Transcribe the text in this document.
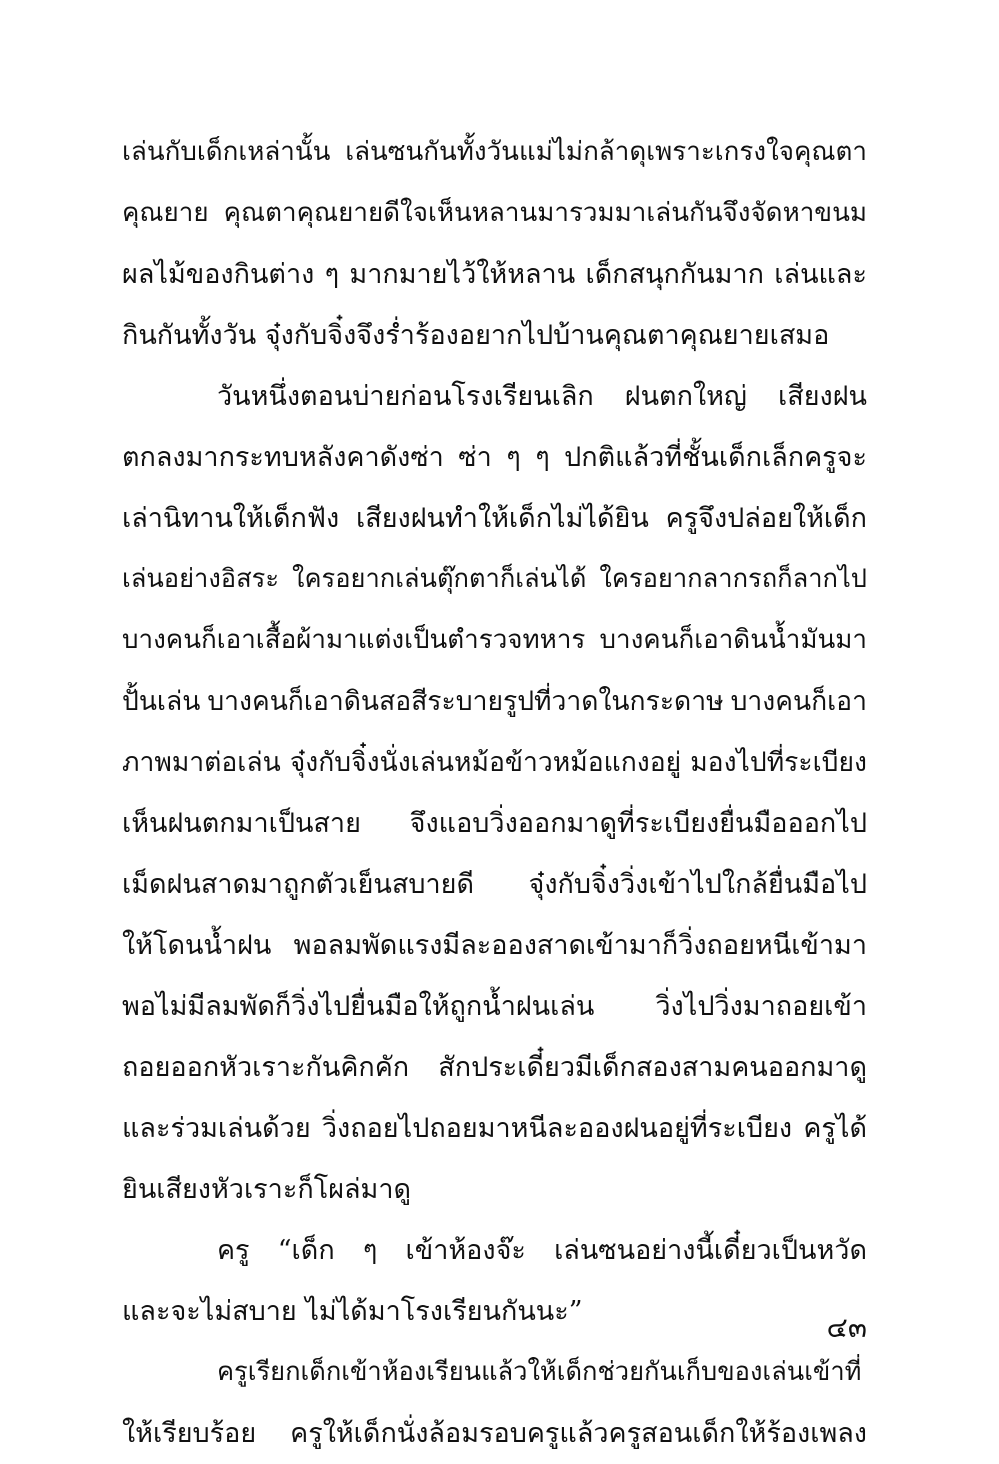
เล่นกับเด็กเหล่านั้น เล่นซนกันทั้งวันแม่ไม่กล้าดุเพราะเกรงใจคุณตา
คุณยาย คุณตาคุณยายดีใจเห็นหลานมารวมมาเล่นกันจึงจัดหาขนม
ผลไม้ของกินต่าง ๆ มากมายไว้ให้หลาน เด็กสนุกกันมาก เล่นและ
กินกันทั้งวัน จุ๋งกับจิ๋งจึงร่ำร้องอยากไปบ้านคุณตาคุณยายเสมอ
วันหนึ่งตอนบ่ายก่อนโรงเรียนเลิก ฝนตกใหญ่ เสียงฝน
ตกลงมากระทบหลังคาดังซ่า ซ่า ๆ ๆ ปกติแล้วที่ชั้นเด็กเล็กครูจะ
เล่านิทานให้เด็กฟัง เสียงฝนทำให้เด็กไม่ได้ยิน ครูจึงปล่อยให้เด็ก
เล่นอย่างอิสระ ใครอยากเล่นตุ๊กตาก็เล่นได้ ใครอยากลากรถก็ลากไป
บางคนก็เอาเสื้อผ้ามาแต่งเป็นตำรวจทหาร บางคนก็เอาดินน้ำมันมา
ปั้นเล่น บางคนก็เอาดินสอสีระบายรูปที่วาดในกระดาษ บางคนก็เอา
ภาพมาต่อเล่น จุ๋งกับจิ๋งนั่งเล่นหม้อข้าวหม้อแกงอยู่ มองไปที่ระเบียง
เห็นฝนตกมาเป็นสาย จึงแอบวิ่งออกมาดูที่ระเบียงยื่นมือออกไป
เม็ดฝนสาดมาถูกตัวเย็นสบายดี จุ๋งกับจิ๋งวิ่งเข้าไปใกล้ยื่นมือไป
ให้โดนน้ำฝน พอลมพัดแรงมีละอองสาดเข้ามาก็วิ่งถอยหนีเข้ามา
พอไม่มีลมพัดก็วิ่งไปยื่นมือให้ถูกน้ำฝนเล่น วิ่งไปวิ่งมาถอยเข้า
ถอยออกหัวเราะกันคิกคัก สักประเดี๋ยวมีเด็กสองสามคนออกมาดู
และร่วมเล่นด้วย วิ่งถอยไปถอยมาหนีละอองฝนอยู่ที่ระเบียง ครูได้
ยินเสียงหัวเราะก็โผล่มาดู
ครู “เด็ก ๆ เข้าห้องจ๊ะ เล่นซนอย่างนี้เดี๋ยวเป็นหวัด
และจะไม่สบาย ไม่ได้มาโรงเรียนกันนะ”
ครูเรียกเด็กเข้าห้องเรียนแล้วให้เด็กช่วยกันเก็บของเล่นเข้าที่
ให้เรียบร้อย ครูให้เด็กนั่งล้อมรอบครูแล้วครูสอนเด็กให้ร้องเพลง
๔๓
